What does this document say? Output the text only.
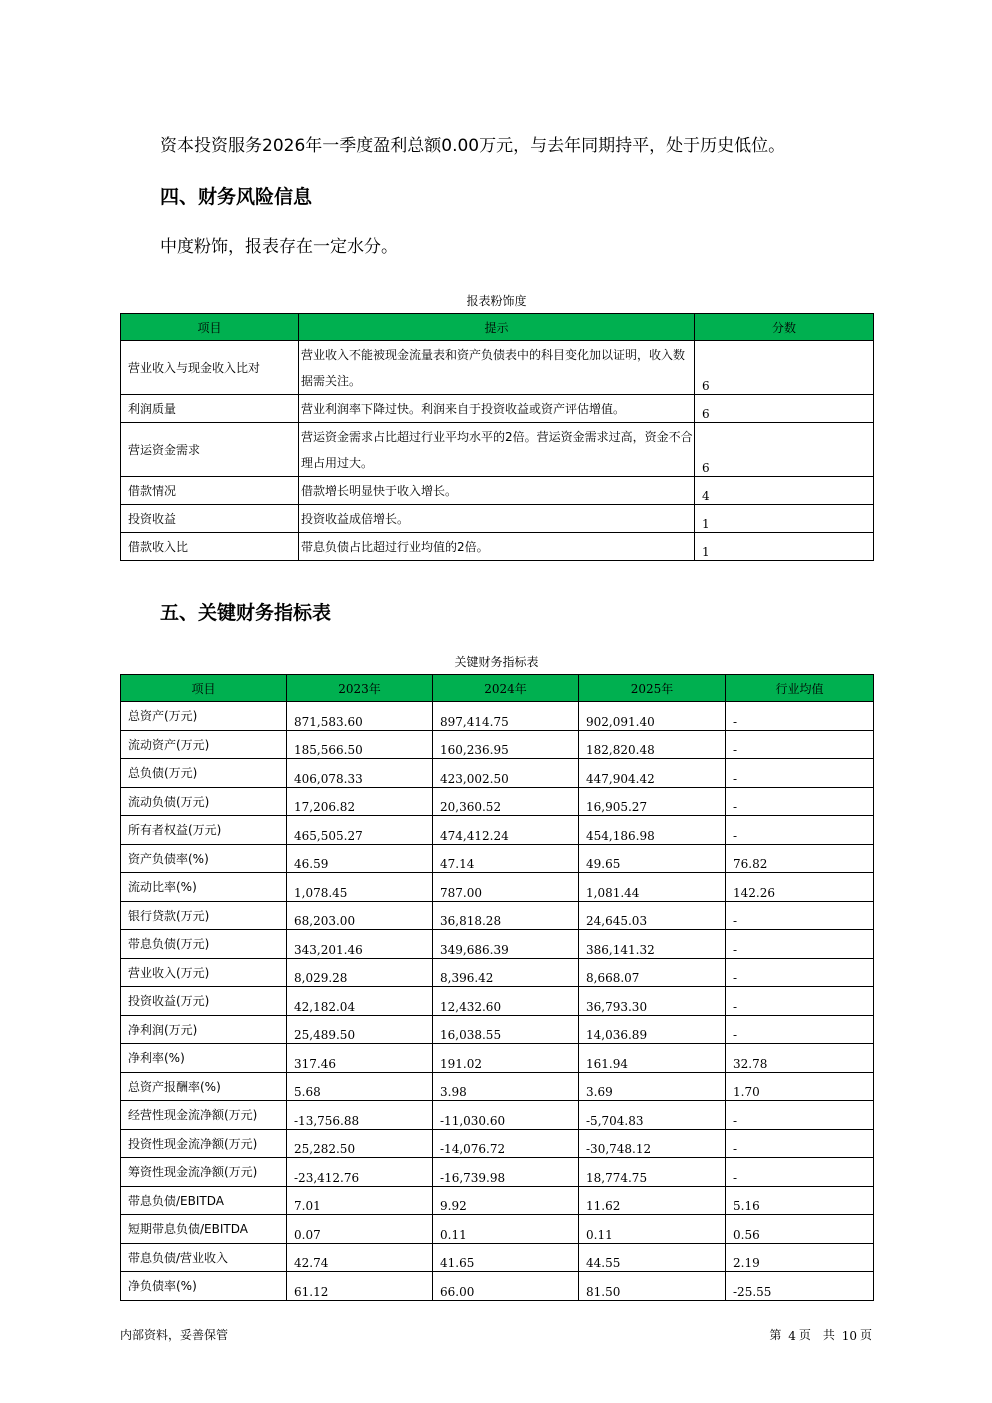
资本投资服务2026年一季度盈利总额0.00万元，与去年同期持平，处于历史低位。
四、财务风险信息
中度粉饰，报表存在一定水分。
报表粉饰度
项目	提示	分数
营业收入与现金收入比对	营业收入不能被现金流量表和资产负债表中的科目变化加以证明，收入数据需关注。	6
利润质量	营业利润率下降过快。利润来自于投资收益或资产评估增值。	6
营运资金需求	营运资金需求占比超过行业平均水平的2倍。营运资金需求过高，资金不合理占用过大。	6
借款情况	借款增长明显快于收入增长。	4
投资收益	投资收益成倍增长。	1
借款收入比	带息负债占比超过行业均值的2倍。	1
五、关键财务指标表
关键财务指标表
项目	2023年	2024年	2025年	行业均值
总资产(万元)	871,583.60	897,414.75	902,091.40	-
流动资产(万元)	185,566.50	160,236.95	182,820.48	-
总负债(万元)	406,078.33	423,002.50	447,904.42	-
流动负债(万元)	17,206.82	20,360.52	16,905.27	-
所有者权益(万元)	465,505.27	474,412.24	454,186.98	-
资产负债率(%)	46.59	47.14	49.65	76.82
流动比率(%)	1,078.45	787.00	1,081.44	142.26
银行贷款(万元)	68,203.00	36,818.28	24,645.03	-
带息负债(万元)	343,201.46	349,686.39	386,141.32	-
营业收入(万元)	8,029.28	8,396.42	8,668.07	-
投资收益(万元)	42,182.04	12,432.60	36,793.30	-
净利润(万元)	25,489.50	16,038.55	14,036.89	-
净利率(%)	317.46	191.02	161.94	32.78
总资产报酬率(%)	5.68	3.98	3.69	1.70
经营性现金流净额(万元)	-13,756.88	-11,030.60	-5,704.83	-
投资性现金流净额(万元)	25,282.50	-14,076.72	-30,748.12	-
筹资性现金流净额(万元)	-23,412.76	-16,739.98	18,774.75	-
带息负债/EBITDA	7.01	9.92	11.62	5.16
短期带息负债/EBITDA	0.07	0.11	0.11	0.56
带息负债/营业收入	42.74	41.65	44.55	2.19
净负债率(%)	61.12	66.00	81.50	-25.55
内部资料，妥善保管	第 4 页　共 10 页
